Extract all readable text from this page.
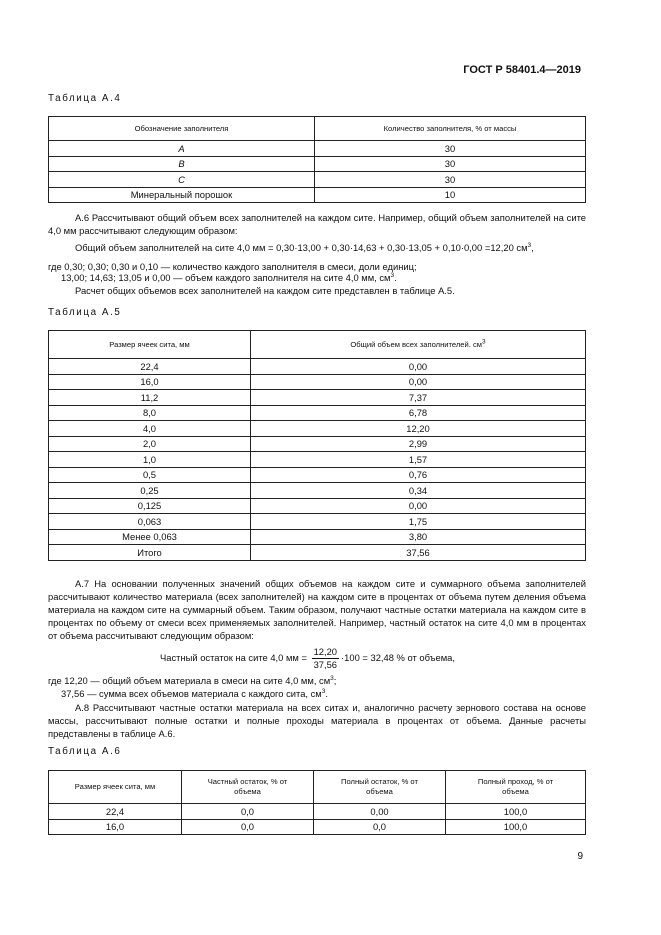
ГОСТ Р 58401.4—2019
Таблица А.4
Обозначение заполнителя	Количество заполнителя, % от массы
A	30
B	30
C	30
Минеральный порошок	10
А.6 Рассчитывают общий объем всех заполнителей на каждом сите. Например, общий объем заполнителей на сите 4,0 мм рассчитывают следующим образом:
Общий объем заполнителей на сите 4,0 мм = 0,30·13,00 + 0,30·14,63 + 0,30·13,05 + 0,10·0,00 =12,20 $см^3$,
где 0,30; 0,30; 0,30 и 0,10 — количество каждого заполнителя в смеси, доли единиц;
13,00; 14,63; 13,05 и 0,00 — объем каждого заполнителя на сите 4,0 мм, $см^3$.
Расчет общих объемов всех заполнителей на каждом сите представлен в таблице А.5.
Таблица А.5
Размер ячеек сита, мм	Общий объем всех заполнителей. $см^3$
22,4	0,00
16,0	0,00
11,2	7,37
8,0	6,78
4,0	12,20
2,0	2,99
1,0	1,57
0,5	0,76
0,25	0,34
0,125	0,00
0,063	1,75
Менее 0,063	3,80
Итого	37,56
А.7 На основании полученных значений общих объемов на каждом сите и суммарного объема заполнителей рассчитывают количество материала (всех заполнителей) на каждом сите в процентах от объема путем деления объема материала на каждом сите на суммарный объем. Таким образом, получают частные остатки материала на каждом сите в процентах по объему от смеси всех применяемых заполнителей. Например, частный остаток на сите 4,0 мм в процентах от объема рассчитывают следующим образом:
Частный остаток на сите 4,0 мм = $\frac{12,20}{37,56} \cdot 100 = 32,48$ % от объема,
где 12,20 — общий объем материала в смеси на сите 4,0 мм, $см^3$;
37,56 — сумма всех объемов материала с каждого сита, $см^3$.
А.8 Рассчитывают частные остатки материала на всех ситах и, аналогично расчету зернового состава на основе массы, рассчитывают полные остатки и полные проходы материала в процентах от объема. Данные расчеты представлены в таблице А.6.
Таблица А.6
Размер ячеек сита, мм	Частный остаток, % от объема	Полный остаток, % от объема	Полный проход, % от объема
22,4	0,0	0,00	100,0
16,0	0,0	0,0	100,0
9
